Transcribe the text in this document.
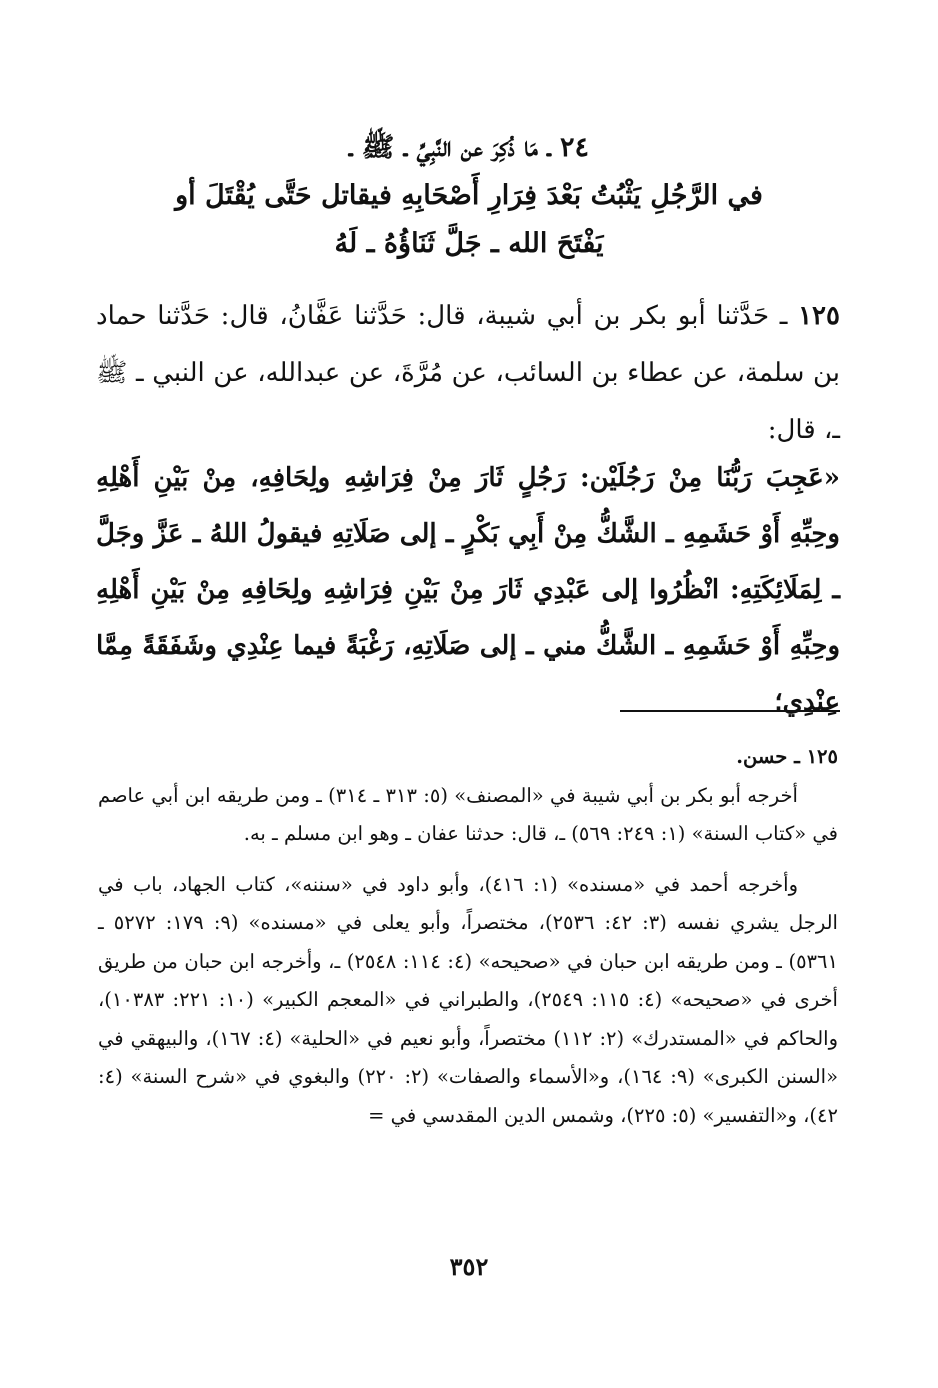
٢٤ ـ مَا ذُكِرَ عن النَّبِيِّ ـ ﷺ ـ
في الرَّجُلِ يَثْبُتُ بَعْدَ فِرَارِ أَصْحَابِهِ فيقاتل حَتَّى يُقْتَلَ أو
يَفْتَحَ الله ـ جَلَّ ثَنَاؤُهُ ـ لَهُ

١٢٥ ـ حَدَّثنا أبو بكر بن أبي شيبة، قال: حَدَّثنا عَفَّانُ، قال: حَدَّثنا حماد بن سلمة، عن عطاء بن السائب، عن مُرَّةَ، عن عبدالله، عن النبي ـ ﷺ ـ، قال:

«عَجِبَ رَبُّنَا مِنْ رَجُلَيْن: رَجُلٍ ثَارَ مِنْ فِرَاشِهِ ولِحَافِهِ، مِنْ بَيْنِ أَهْلِهِ وحِبِّهِ أَوْ حَشَمِهِ ـ الشَّكُّ مِنْ أَبِي بَكْرٍ ـ إلى صَلَاتِهِ فيقولُ اللهُ ـ عَزَّ وجَلَّ ـ لِمَلَائِكَتِهِ: انْظُرُوا إلى عَبْدِي ثَارَ مِنْ بَيْنِ فِرَاشِهِ ولِحَافِهِ مِنْ بَيْنِ أَهْلِهِ وحِبِّهِ أَوْ حَشَمِهِ ـ الشَّكُّ مني ـ إلى صَلَاتِهِ، رَغْبَةً فيما عِنْدِي وشَفَقَةً مِمَّا عِنْدِي؛

١٢٥ ـ حسن.
أخرجه أبو بكر بن أبي شيبة في «المصنف» (٥: ٣١٣ ـ ٣١٤) ـ ومن طريقه ابن أبي عاصم في «كتاب السنة» (١: ٢٤٩: ٥٦٩) ـ، قال: حدثنا عفان ـ وهو ابن مسلم ـ به.
وأخرجه أحمد في «مسنده» (١: ٤١٦)، وأبو داود في «سننه»، كتاب الجهاد، باب في الرجل يشري نفسه (٣: ٤٢: ٢٥٣٦)، مختصراً، وأبو يعلى في «مسنده» (٩: ١٧٩: ٥٢٧٢ ـ ٥٣٦١) ـ ومن طريقه ابن حبان في «صحيحه» (٤: ١١٤: ٢٥٤٨) ـ، وأخرجه ابن حبان من طريق أخرى في «صحيحه» (٤: ١١٥: ٢٥٤٩)، والطبراني في «المعجم الكبير» (١٠: ٢٢١: ١٠٣٨٣)، والحاكم في «المستدرك» (٢: ١١٢) مختصراً، وأبو نعيم في «الحلية» (٤: ١٦٧)، والبيهقي في «السنن الكبرى» (٩: ١٦٤)، و«الأسماء والصفات» (٢: ٢٢٠) والبغوي في «شرح السنة» (٤: ٤٢)، و«التفسير» (٥: ٢٢٥)، وشمس الدين المقدسي في =
٣٥٢
